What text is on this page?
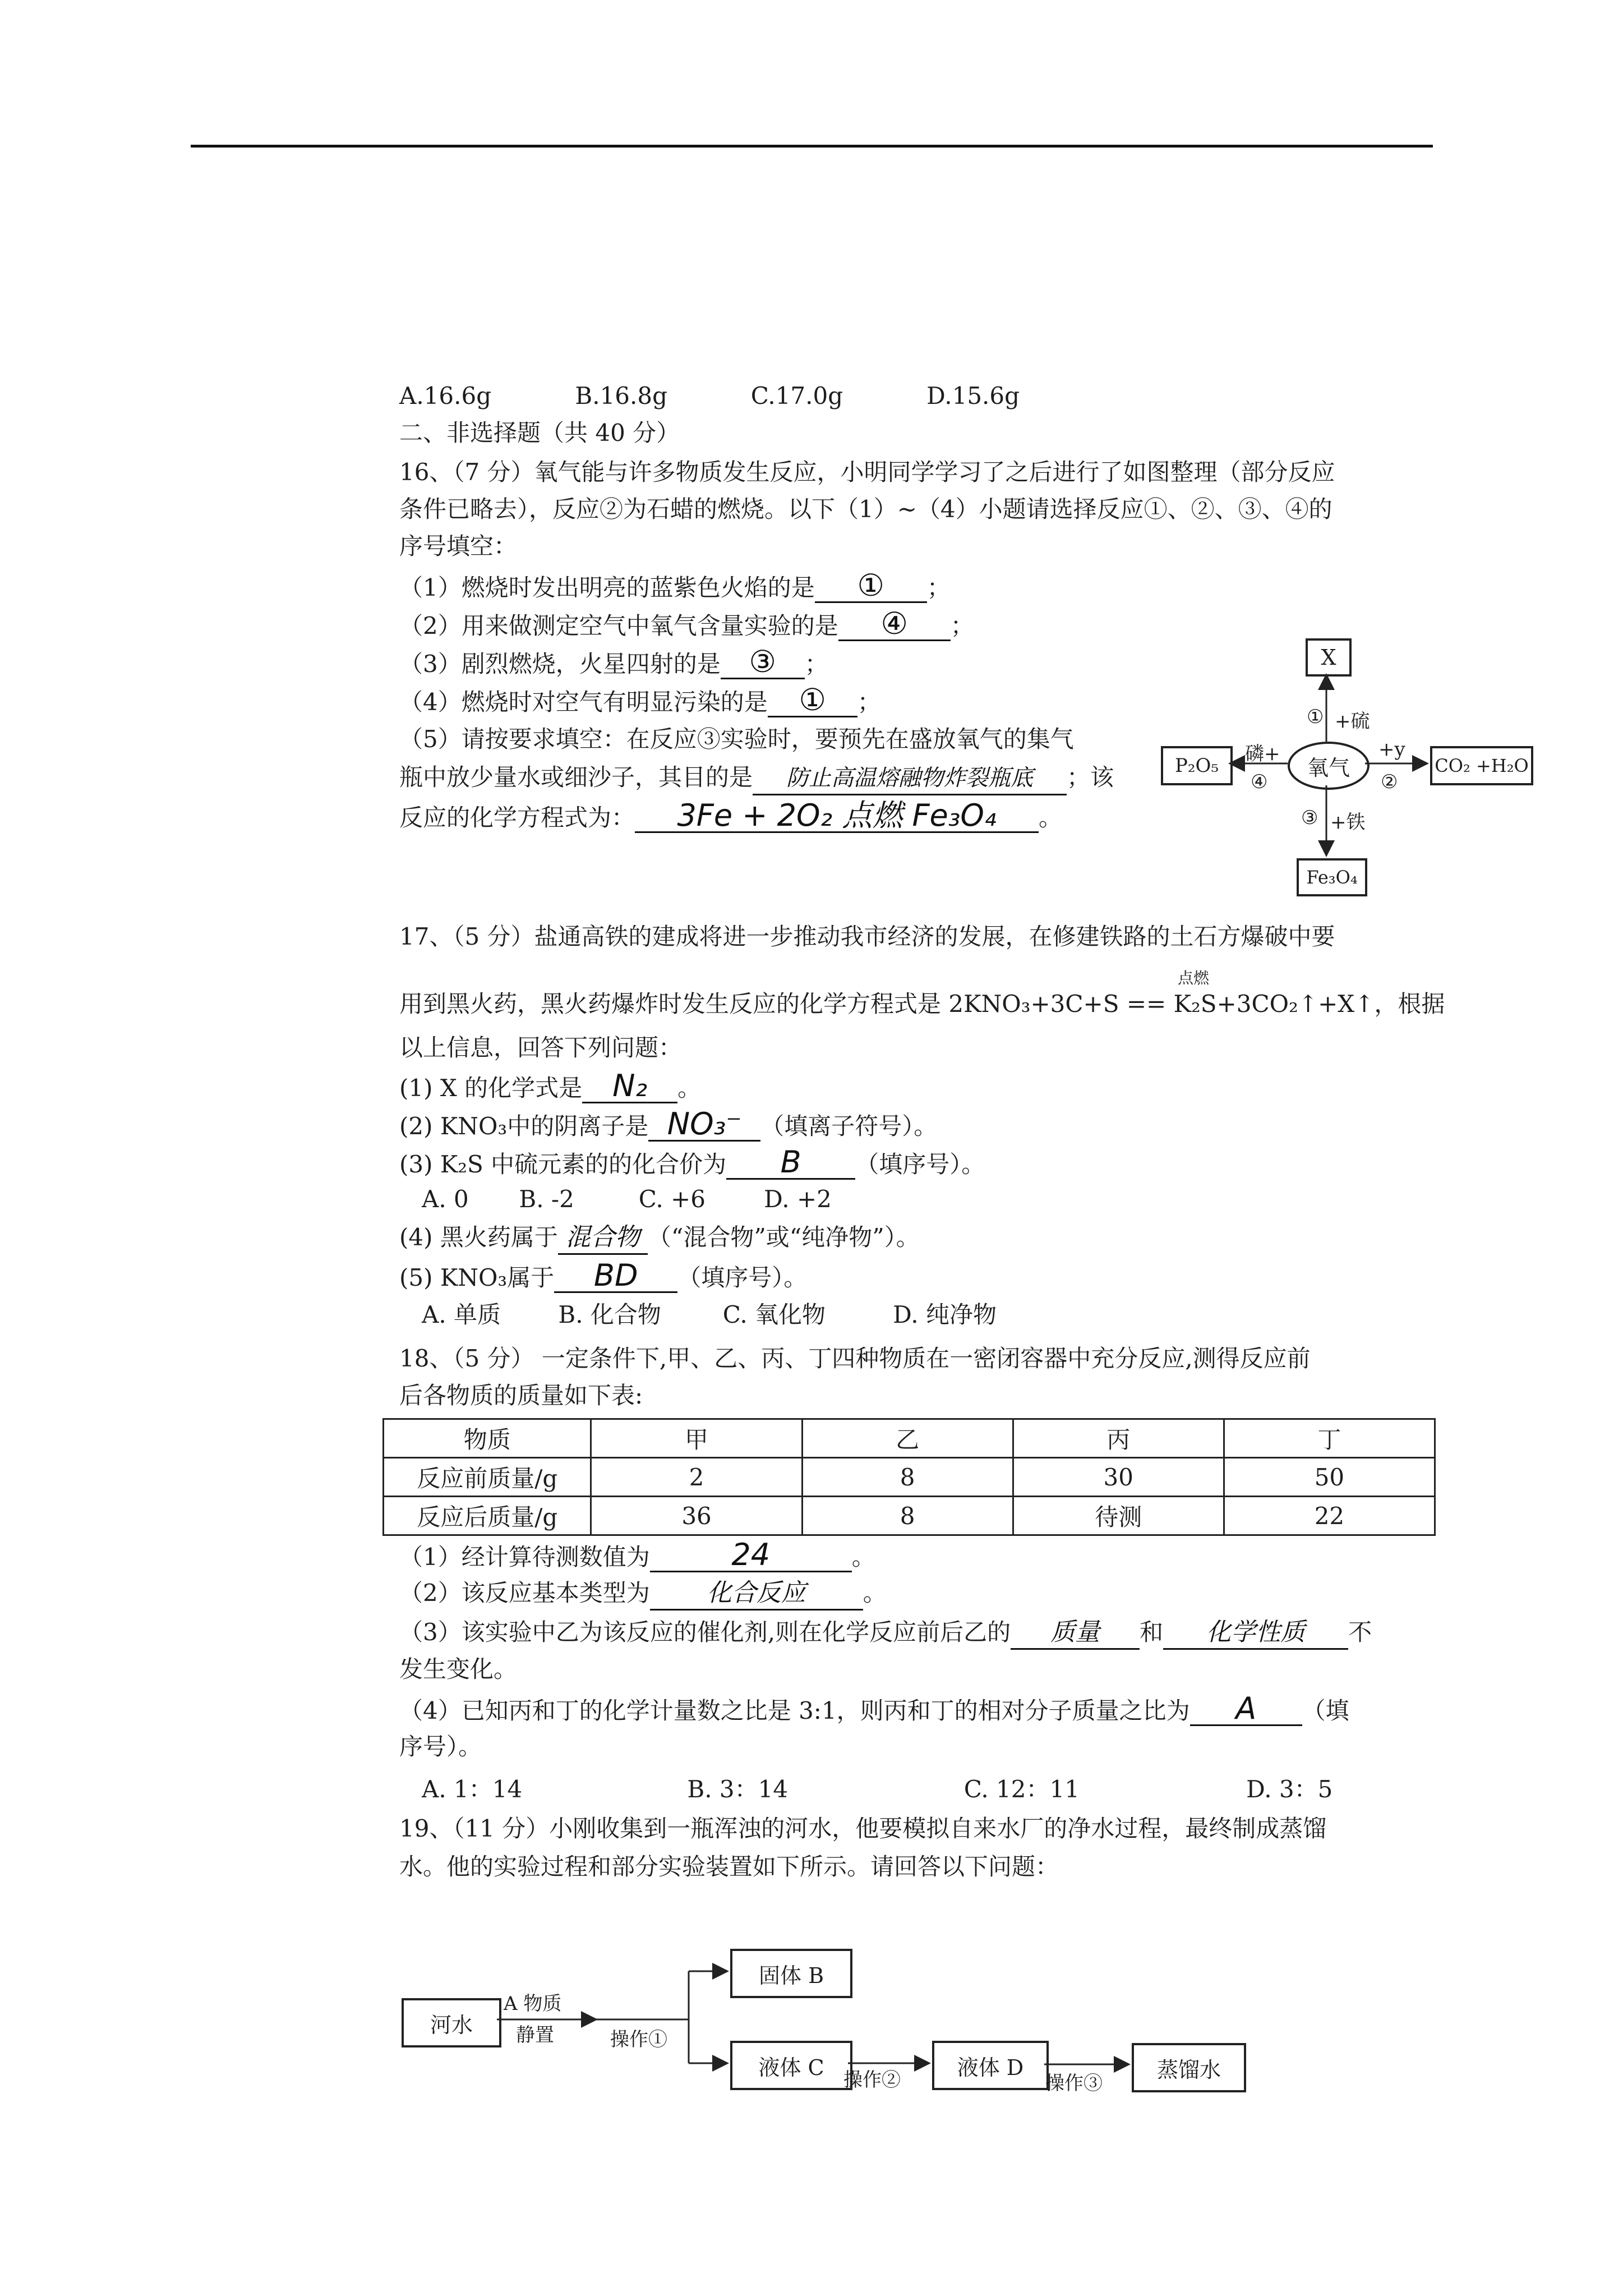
A.16.6g	B.16.8g	C.17.0g	D.15.6g
二、非选择题（共 40 分）
16、（7 分）氧气能与许多物质发生反应，小明同学学习了之后进行了如图整理（部分反应
条件已略去），反应②为石蜡的燃烧。以下（1）~（4）小题请选择反应①、②、③、④的
序号填空：
（1）燃烧时发出明亮的蓝紫色火焰的是 ① ；
（2）用来做测定空气中氧气含量实验的是 ④ ；
（3）剧烈燃烧，火星四射的是 ③ ；
（4）燃烧时对空气有明显污染的是 ① ；
（5）请按要求填空：在反应③实验时，要预先在盛放氧气的集气
瓶中放少量水或细沙子，其目的是 防止高温熔融物炸裂瓶底 ；该
反应的化学方程式为： 3Fe + 2O₂ 点燃 Fe₃O₄ 。
X
P₂O₅	氧气	CO₂ +H₂O
Fe₃O₄
① +硫
磷+
④
+y
②
③ +铁
17、（5 分）盐通高铁的建成将进一步推动我市经济的发展，在修建铁路的土石方爆破中要
点燃
用到黑火药，黑火药爆炸时发生反应的化学方程式是 2KNO₃+3C+S == K₂S+3CO₂↑+X↑，根据
以上信息，回答下列问题：
(1) X 的化学式是 N₂ 。
(2) KNO₃中的阴离子是 NO₃⁻ （填离子符号）。
(3) K₂S 中硫元素的的化合价为 B （填序号）。
A. 0 B. -2	C. +6 D. +2
(4) 黑火药属于 混合物 （“混合物”或“纯净物”）。
(5) KNO₃属于 BD （填序号）。
A. 单质 B. 化合物	C. 氧化物	D. 纯净物
18、（5 分） 一定条件下,甲、乙、丙、丁四种物质在一密闭容器中充分反应,测得反应前
后各物质的质量如下表:
物质	甲	乙	丙	丁
反应前质量/g	2	8	30	50
反应后质量/g	36	8	待测	22
（1）经计算待测数值为	24	。
（2）该反应基本类型为 化合反应 。
（3）该实验中乙为该反应的催化剂,则在化学反应前后乙的 质量 和 化学性质 不
发生变化。
（4）已知丙和丁的化学计量数之比是 3:1，则丙和丁的相对分子质量之比为 A （填
序号）。
A. 1：14	B. 3：14	C. 12：11	D. 3：5
19、（11 分）小刚收集到一瓶浑浊的河水，他要模拟自来水厂的净水过程，最终制成蒸馏
水。他的实验过程和部分实验装置如下所示。请回答以下问题：
河水
A 物质
静置	操作①
固体 B
液体 C
操作②
液体 D
操作③
蒸馏水
